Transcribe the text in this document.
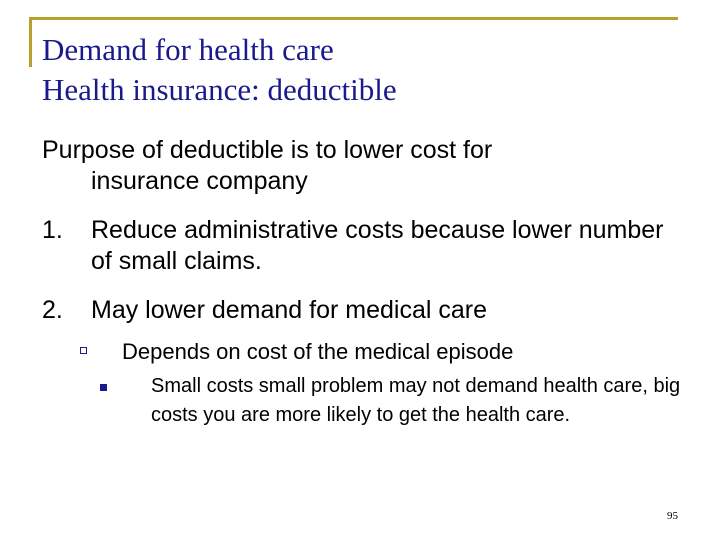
Demand for health care
Health insurance: deductible

Purpose of deductible is to lower cost for
insurance company

1.	Reduce administrative costs because lower number of small claims.
2.	May lower demand for medical care
Depends on cost of the medical episode
Small costs small problem may not demand health care, big costs you are more likely to get the health care.
95
